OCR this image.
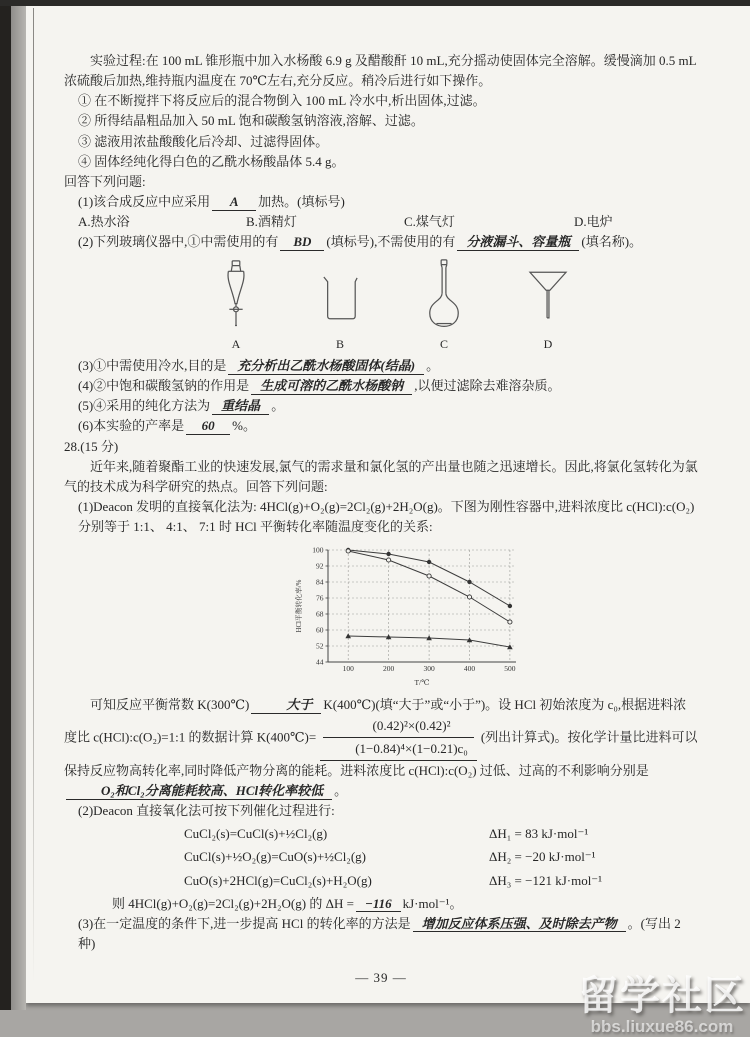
实验过程:在 100 mL 锥形瓶中加入水杨酸 6.9 g 及醋酸酐 10 mL,充分摇动使固体完全溶解。缓慢滴加 0.5 mL 浓硫酸后加热,维持瓶内温度在 70℃左右,充分反应。稍冷后进行如下操作。

① 在不断搅拌下将反应后的混合物倒入 100 mL 冷水中,析出固体,过滤。

② 所得结晶粗品加入 50 mL 饱和碳酸氢钠溶液,溶解、过滤。

③ 滤液用浓盐酸酸化后冷却、过滤得固体。

④ 固体经纯化得白色的乙酰水杨酸晶体 5.4 g。

回答下列问题:

(1)该合成反应中应采用 A 加热。(填标号)

A.热水浴	B.酒精灯	C.煤气灯	D.电炉

(2)下列玻璃仪器中,①中需使用的有 BD (填标号),不需使用的有 分液漏斗、容量瓶 (填名称)。

A	B	C	D

(3)①中需使用冷水,目的是 充分析出乙酰水杨酸固体(结晶) 。

(4)②中饱和碳酸氢钠的作用是 生成可溶的乙酰水杨酸钠 ,以便过滤除去难溶杂质。

(5)④采用的纯化方法为 重结晶 。

(6)本实验的产率是 60 %。

28.(15 分)

近年来,随着聚酯工业的快速发展,氯气的需求量和氯化氢的产出量也随之迅速增长。因此,将氯化氢转化为氯气的技术成为科学研究的热点。回答下列问题:

(1)Deacon 发明的直接氧化法为: 4HCl(g)+O₂(g)=2Cl₂(g)+2H₂O(g)。下图为刚性容器中,进料浓度比 c(HCl):c(O₂) 分别等于 1:1、 4:1、 7:1 时 HCl 平衡转化率随温度变化的关系:

44
52
60
68
76
84
92
100
100	200	300	400	500
HCl平衡转化率/%
T/℃

可知反应平衡常数 K(300℃)	大于 K(400℃)(填“大于”或“小于”)。设 HCl 初始浓度为 c₀,根据进料浓度比 c(HCl):c(O₂)=1:1 的数据计算 K(400℃)= $\frac{\text{(0.42)²×(0.42)²}}{\text{(1−0.84)⁴×(1−0.21)c₀}}$ (列出计算式)。按化学计量比进料可以保持反应物高转化率,同时降低产物分离的能耗。进料浓度比 c(HCl):c(O₂) 过低、过高的不利影响分别是O₂和Cl₂分离能耗较高、HCl转化率较低 。

(2)Deacon 直接氧化法可按下列催化过程进行:

CuCl₂(s)=CuCl(s)+½Cl₂(g)	ΔH₁ = 83 kJ·mol⁻¹
CuCl(s)+½O₂(g)=CuO(s)+½Cl₂(g)	ΔH₂ = −20 kJ·mol⁻¹
CuO(s)+2HCl(g)=CuCl₂(s)+H₂O(g)	ΔH₃ = −121 kJ·mol⁻¹

则 4HCl(g)+O₂(g)=2Cl₂(g)+2H₂O(g) 的 ΔH = −116 kJ·mol⁻¹。

(3)在一定温度的条件下,进一步提高 HCl 的转化率的方法是 增加反应体系压强、及时除去产物 。(写出 2 种)

— 39 —	留学社区
bbs.liuxue86.com
